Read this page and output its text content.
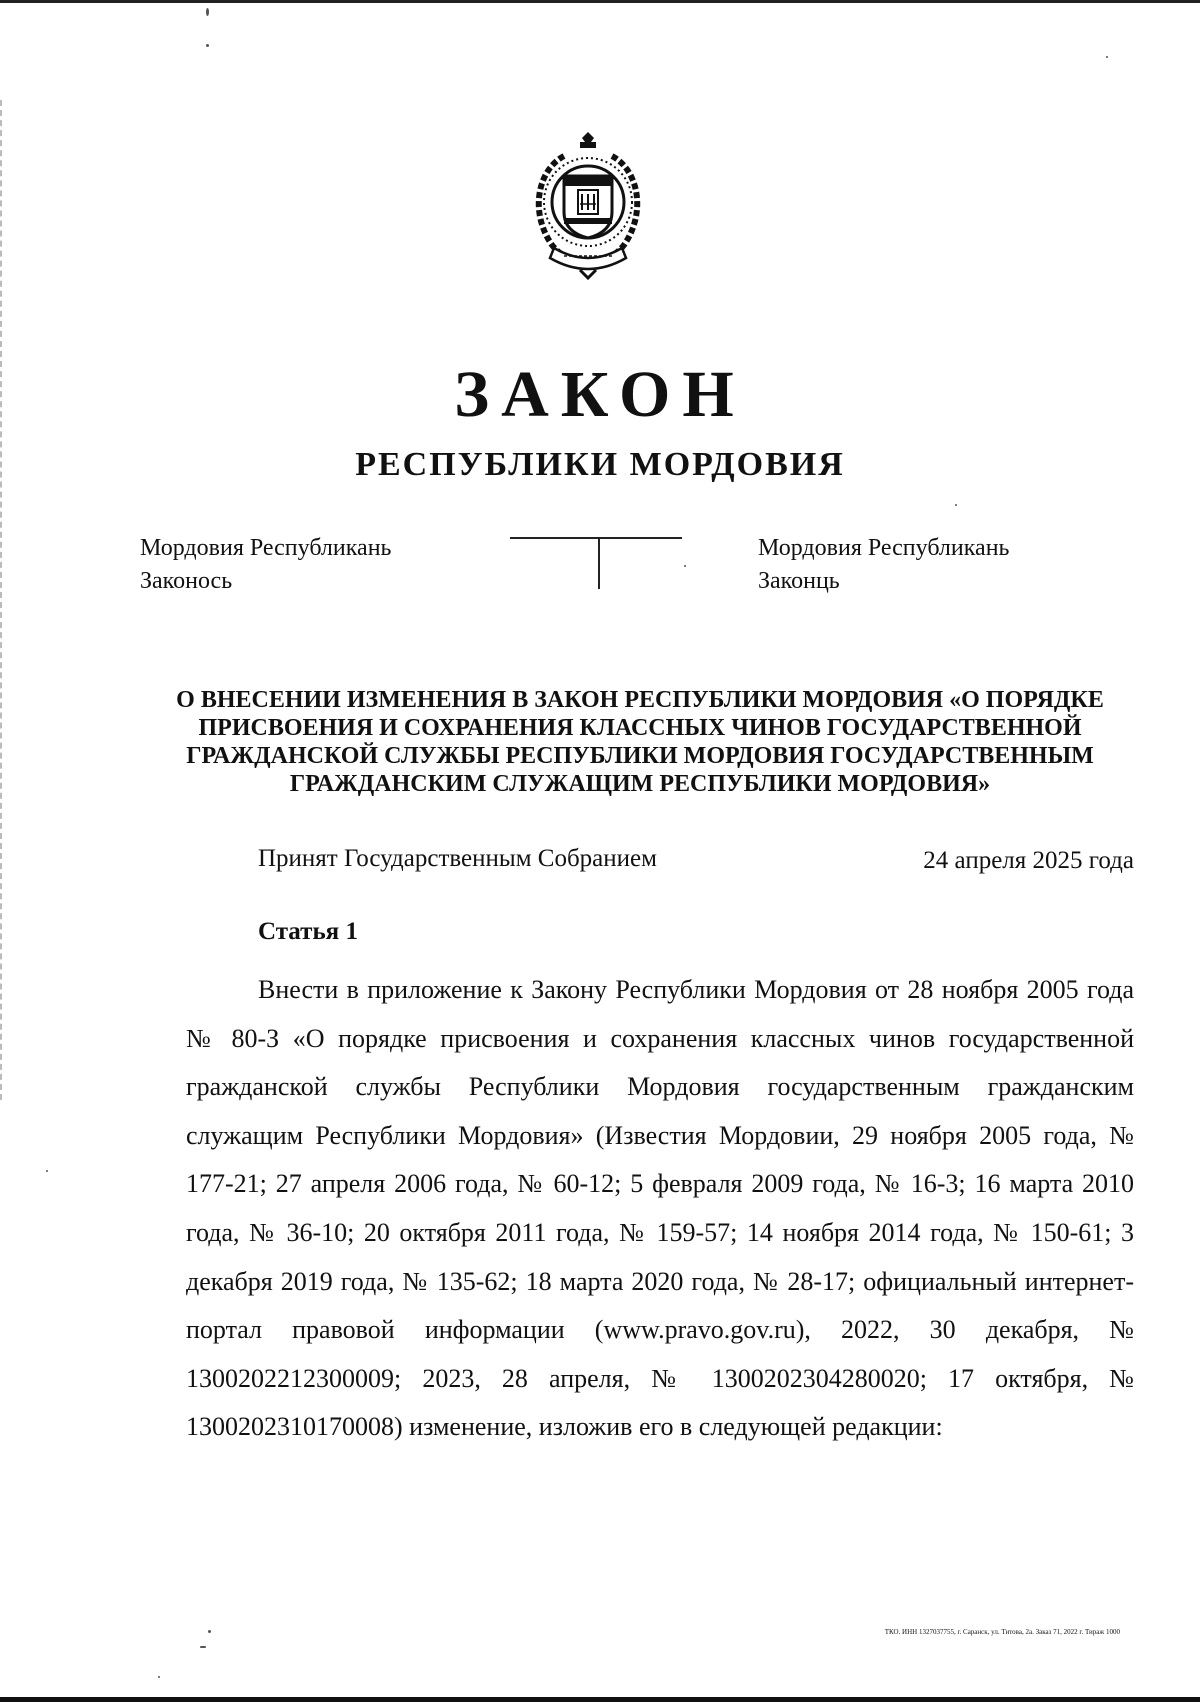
ЗАКОН
РЕСПУБЛИКИ МОРДОВИЯ
Мордовия Республикань
Законось
Мордовия Республикань
Законць
О ВНЕСЕНИИ ИЗМЕНЕНИЯ В ЗАКОН РЕСПУБЛИКИ МОРДОВИЯ «О ПОРЯДКЕ ПРИСВОЕНИЯ И СОХРАНЕНИЯ КЛАССНЫХ ЧИНОВ ГОСУДАРСТВЕННОЙ ГРАЖДАНСКОЙ СЛУЖБЫ РЕСПУБЛИКИ МОРДОВИЯ ГОСУДАРСТВЕННЫМ ГРАЖДАНСКИМ СЛУЖАЩИМ РЕСПУБЛИКИ МОРДОВИЯ»
Принят Государственным Собранием	24 апреля 2025 года
Статья 1

Внести в приложение к Закону Республики Мордовия от 28 ноября 2005 года № 80-З «О порядке присвоения и сохранения классных чинов государственной гражданской службы Республики Мордовия государственным гражданским служащим Республики Мордовия» (Известия Мордовии, 29 ноября 2005 года, № 177-21; 27 апреля 2006 года, № 60-12; 5 февраля 2009 года, № 16-3; 16 марта 2010 года, № 36-10; 20 октября 2011 года, № 159-57; 14 ноября 2014 года, № 150-61; 3 декабря 2019 года, № 135-62; 18 марта 2020 года, № 28-17; официальный интернет-портал правовой информации (www.pravo.gov.ru), 2022, 30 декабря, № 1300202212300009; 2023, 28 апреля, № 1300202304280020; 17 октября, № 1300202310170008) изменение, изложив его в следующей редакции:

ТКО. ИНН 1327037755, г. Саранск, ул. Титова, 2а. Заказ 71, 2022 г. Тираж 1000
